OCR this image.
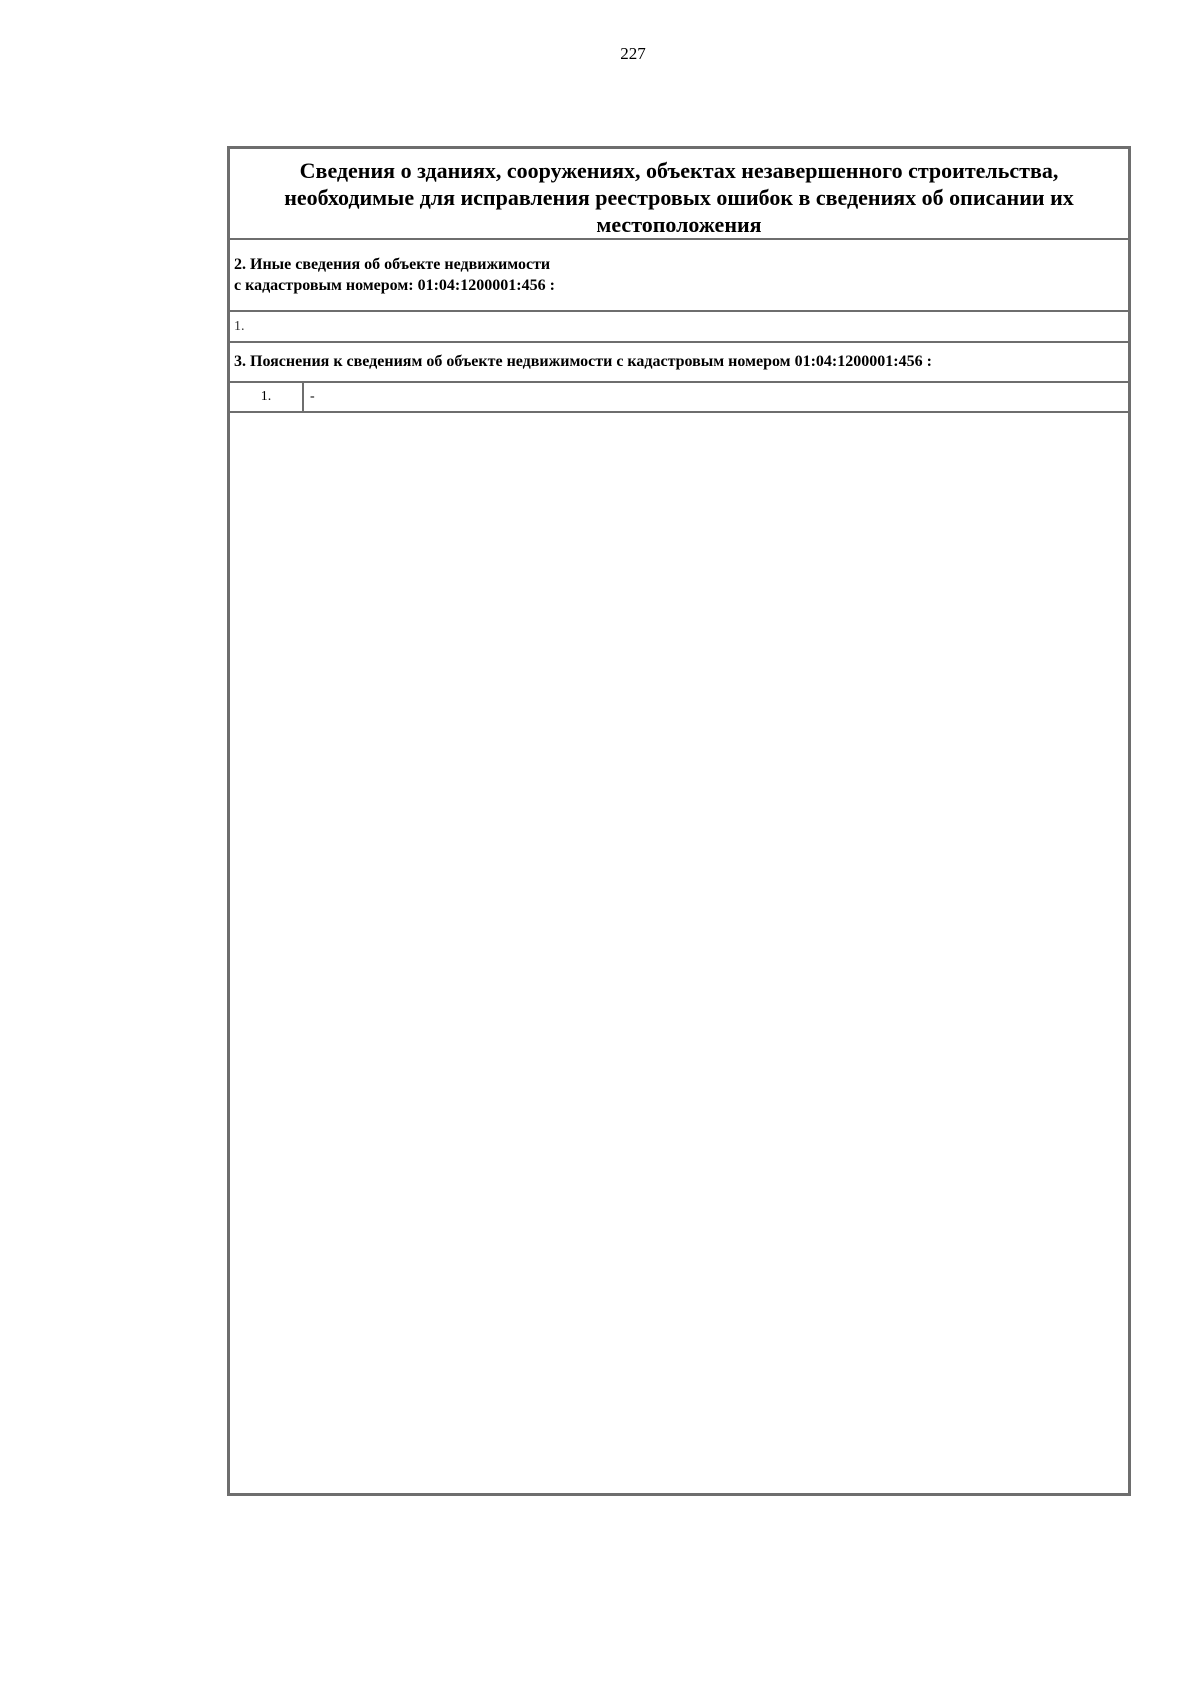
227
Сведения о зданиях, сооружениях, объектах незавершенного строительства,
необходимые для исправления реестровых ошибок в сведениях об описании их
местоположения
2. Иные сведения об объекте недвижимости
с кадастровым номером: 01:04:1200001:456 :
1.
3. Пояснения к сведениям об объекте недвижимости с кадастровым номером 01:04:1200001:456 :
1.	-
